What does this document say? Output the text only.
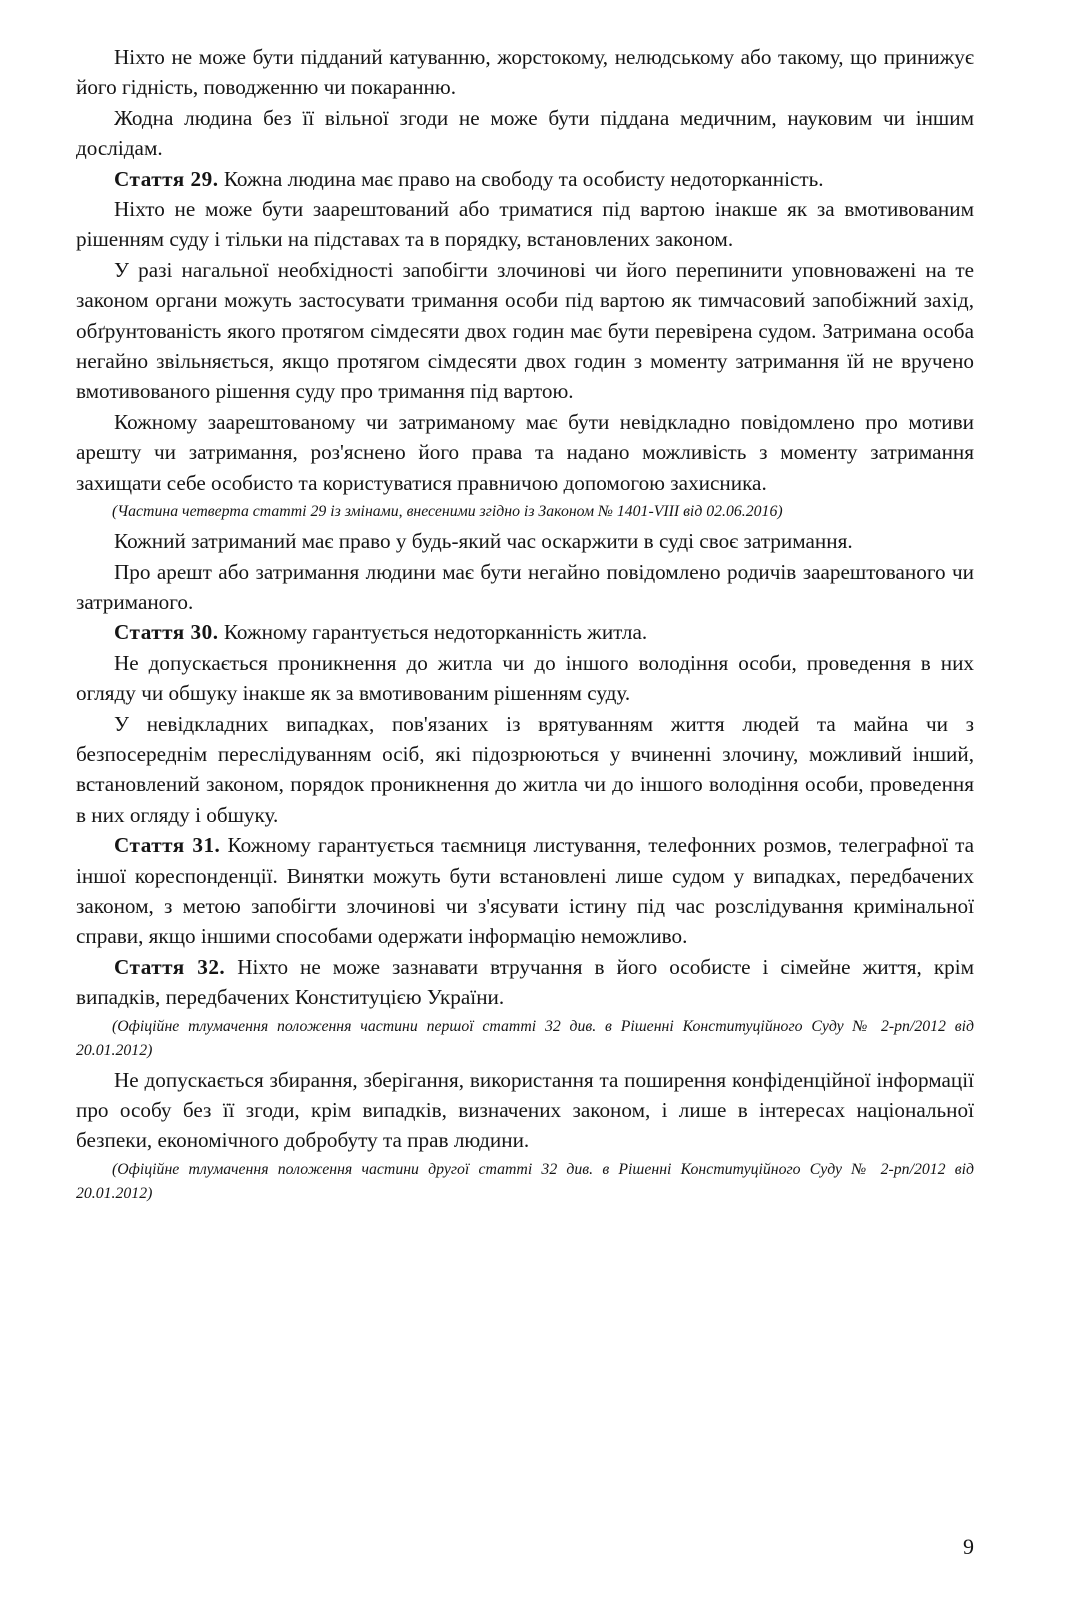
Ніхто не може бути підданий катуванню, жорстокому, нелюдському або такому, що принижує його гідність, поводженню чи покаранню.

Жодна людина без її вільної згоди не може бути піддана медичним, науковим чи іншим дослідам.

Стаття 29. Кожна людина має право на свободу та особисту недоторканність.

Ніхто не може бути заарештований або триматися під вартою інакше як за вмотивованим рішенням суду і тільки на підставах та в порядку, встановлених законом.

У разі нагальної необхідності запобігти злочинові чи його перепинити уповноважені на те законом органи можуть застосувати тримання особи під вартою як тимчасовий запобіжний захід, обґрунтованість якого протягом сімдесяти двох годин має бути перевірена судом. Затримана особа негайно звільняється, якщо протягом сімдесяти двох годин з моменту затримання їй не вручено вмотивованого рішення суду про тримання під вартою.

Кожному заарештованому чи затриманому має бути невідкладно повідомлено про мотиви арешту чи затримання, роз'яснено його права та надано можливість з моменту затримання захищати себе особисто та користуватися правничою допомогою захисника.

(Частина четверта статті 29 із змінами, внесеними згідно із Законом № 1401-VIII від 02.06.2016)

Кожний затриманий має право у будь-який час оскаржити в суді своє затримання.

Про арешт або затримання людини має бути негайно повідомлено родичів заарештованого чи затриманого.

Стаття 30. Кожному гарантується недоторканність житла.

Не допускається проникнення до житла чи до іншого володіння особи, проведення в них огляду чи обшуку інакше як за вмотивованим рішенням суду.

У невідкладних випадках, пов'язаних із врятуванням життя людей та майна чи з безпосереднім переслідуванням осіб, які підозрюються у вчиненні злочину, можливий інший, встановлений законом, порядок проникнення до житла чи до іншого володіння особи, проведення в них огляду і обшуку.

Стаття 31. Кожному гарантується таємниця листування, телефонних розмов, телеграфної та іншої кореспонденції. Винятки можуть бути встановлені лише судом у випадках, передбачених законом, з метою запобігти злочинові чи з'ясувати істину під час розслідування кримінальної справи, якщо іншими способами одержати інформацію неможливо.

Стаття 32. Ніхто не може зазнавати втручання в його особисте і сімейне життя, крім випадків, передбачених Конституцією України.

(Офіційне тлумачення положення частини першої статті 32 див. в Рішенні Конституційного Суду № 2-рп/2012 від 20.01.2012)

Не допускається збирання, зберігання, використання та поширення конфіденційної інформації про особу без її згоди, крім випадків, визначених законом, і лише в інтересах національної безпеки, економічного добробуту та прав людини.

(Офіційне тлумачення положення частини другої статті 32 див. в Рішенні Конституційного Суду № 2-рп/2012 від 20.01.2012)

9
